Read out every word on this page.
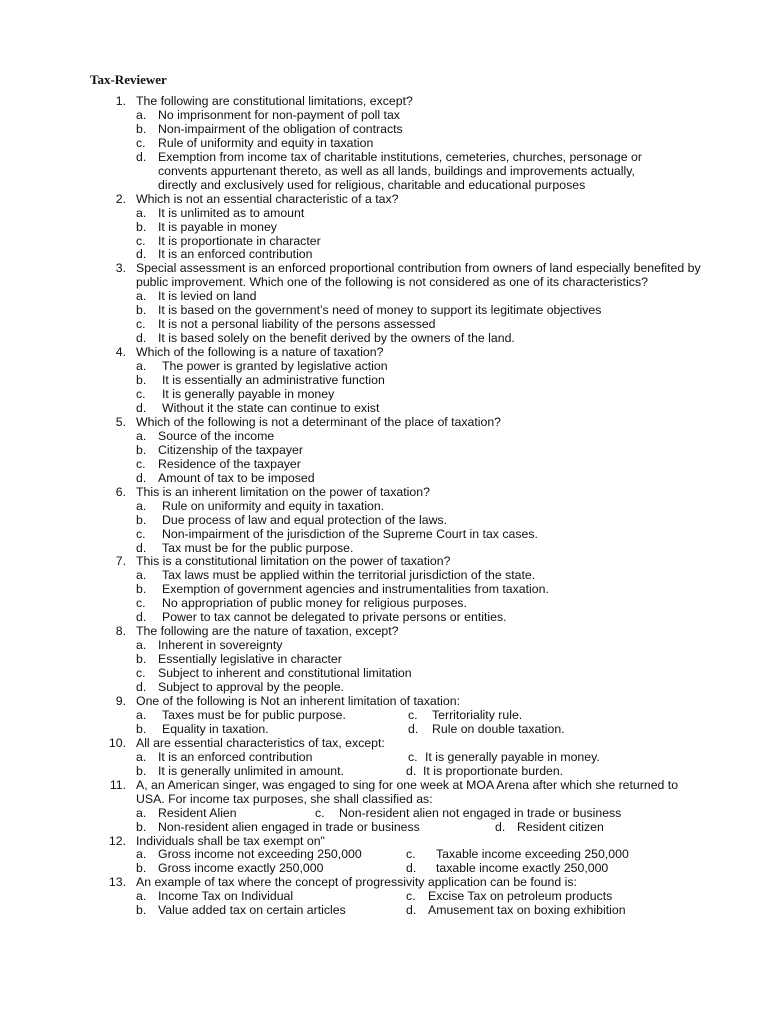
Tax-Reviewer
1. The following are constitutional limitations, except?
a. No imprisonment for non-payment of poll tax
b. Non-impairment of the obligation of contracts
c. Rule of uniformity and equity in taxation
d. Exemption from income tax of charitable institutions, cemeteries, churches, personage or convents appurtenant thereto, as well as all lands, buildings and improvements actually, directly and exclusively used for religious, charitable and educational purposes
2. Which is not an essential characteristic of a tax?
a. It is unlimited as to amount
b. It is payable in money
c. It is proportionate in character
d. It is an enforced contribution
3. Special assessment is an enforced proportional contribution from owners of land especially benefited by public improvement. Which one of the following is not considered as one of its characteristics?
a. It is levied on land
b. It is based on the government’s need of money to support its legitimate objectives
c. It is not a personal liability of the persons assessed
d. It is based solely on the benefit derived by the owners of the land.
4. Which of the following is a nature of taxation?
a. The power is granted by legislative action
b. It is essentially an administrative function
c. It is generally payable in money
d. Without it the state can continue to exist
5. Which of the following is not a determinant of the place of taxation?
a. Source of the income
b. Citizenship of the taxpayer
c. Residence of the taxpayer
d. Amount of tax to be imposed
6. This is an inherent limitation on the power of taxation?
a. Rule on uniformity and equity in taxation.
b. Due process of law and equal protection of the laws.
c. Non-impairment of the jurisdiction of the Supreme Court in tax cases.
d. Tax must be for the public purpose.
7. This is a constitutional limitation on the power of taxation?
a. Tax laws must be applied within the territorial jurisdiction of the state.
b. Exemption of government agencies and instrumentalities from taxation.
c. No appropriation of public money for religious purposes.
d. Power to tax cannot be delegated to private persons or entities.
8. The following are the nature of taxation, except?
a. Inherent in sovereignty
b. Essentially legislative in character
c. Subject to inherent and constitutional limitation
d. Subject to approval by the people.
9. One of the following is Not an inherent limitation of taxation:
a. Taxes must be for public purpose.	c. Territoriality rule.
b. Equality in taxation.	d. Rule on double taxation.
10. All are essential characteristics of tax, except:
a. It is an enforced contribution	c. It is generally payable in money.
b. It is generally unlimited in amount.	d. It is proportionate burden.
11. A, an American singer, was engaged to sing for one week at MOA Arena after which she returned to USA. For income tax purposes, she shall classified as:
a. Resident Alien	c. Non-resident alien not engaged in trade or business
b. Non-resident alien engaged in trade or business	d. Resident citizen
12. Individuals shall be tax exempt on"
a. Gross income not exceeding 250,000	c. Taxable income exceeding 250,000
b. Gross income exactly 250,000	d. taxable income exactly 250,000
13. An example of tax where the concept of progressivity application can be found is:
a. Income Tax on Individual	c. Excise Tax on petroleum products
b. Value added tax on certain articles	d. Amusement tax on boxing exhibition
